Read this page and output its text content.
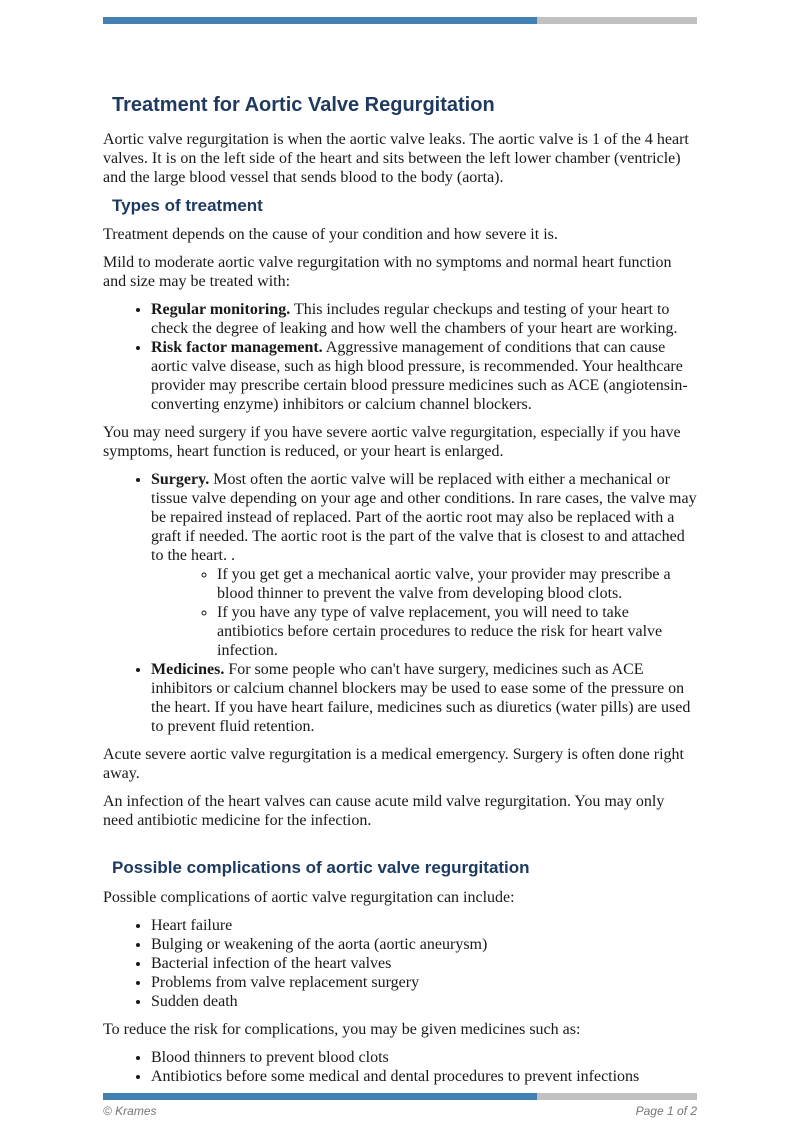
Treatment for Aortic Valve Regurgitation

Aortic valve regurgitation is when the aortic valve leaks. The aortic valve is 1 of the 4 heart valves. It is on the left side of the heart and sits between the left lower chamber (ventricle) and the large blood vessel that sends blood to the body (aorta).

Types of treatment

Treatment depends on the cause of your condition and how severe it is.

Mild to moderate aortic valve regurgitation with no symptoms and normal heart function and size may be treated with:

• Regular monitoring. This includes regular checkups and testing of your heart to check the degree of leaking and how well the chambers of your heart are working.
• Risk factor management. Aggressive management of conditions that can cause aortic valve disease, such as high blood pressure, is recommended. Your healthcare provider may prescribe certain blood pressure medicines such as ACE (angiotensin-converting enzyme) inhibitors or calcium channel blockers.

You may need surgery if you have severe aortic valve regurgitation, especially if you have symptoms, heart function is reduced, or your heart is enlarged.

• Surgery. Most often the aortic valve will be replaced with either a mechanical or tissue valve depending on your age and other conditions. In rare cases, the valve may be repaired instead of replaced. Part of the aortic root may also be replaced with a graft if needed. The aortic root is the part of the valve that is closest to and attached to the heart. .
◦ If you get get a mechanical aortic valve, your provider may prescribe a blood thinner to prevent the valve from developing blood clots.
◦ If you have any type of valve replacement, you will need to take antibiotics before certain procedures to reduce the risk for heart valve infection.
• Medicines. For some people who can't have surgery, medicines such as ACE inhibitors or calcium channel blockers may be used to ease some of the pressure on the heart. If you have heart failure, medicines such as diuretics (water pills) are used to prevent fluid retention.

Acute severe aortic valve regurgitation is a medical emergency. Surgery is often done right away.

An infection of the heart valves can cause acute mild valve regurgitation. You may only need antibiotic medicine for the infection.

Possible complications of aortic valve regurgitation

Possible complications of aortic valve regurgitation can include:

• Heart failure
• Bulging or weakening of the aorta (aortic aneurysm)
• Bacterial infection of the heart valves
• Problems from valve replacement surgery
• Sudden death

To reduce the risk for complications, you may be given medicines such as:

• Blood thinners to prevent blood clots
• Antibiotics before some medical and dental procedures to prevent infections
© Krames	Page 1 of 2
